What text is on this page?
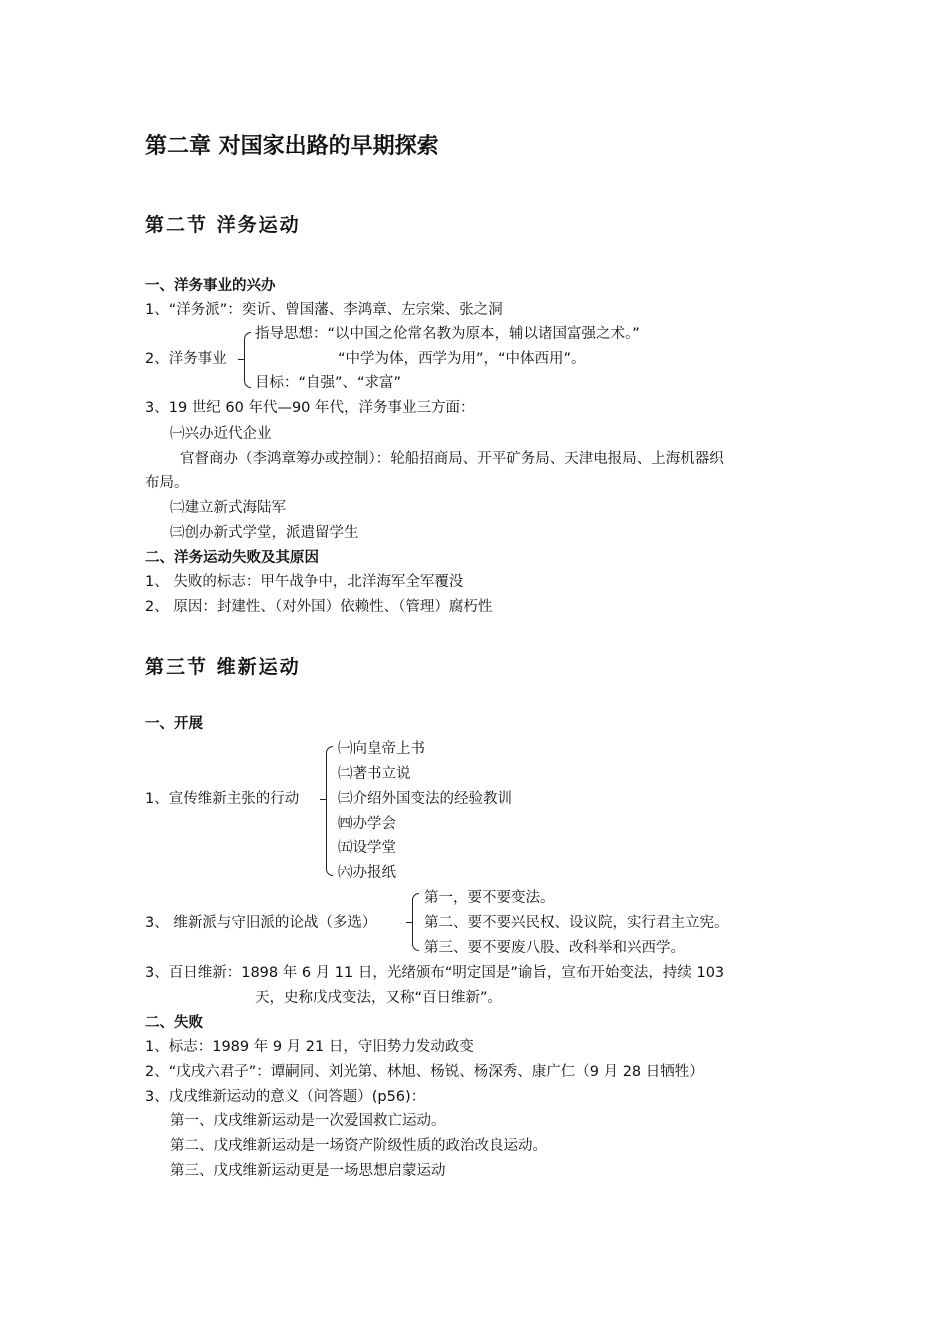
第二章 对国家出路的早期探索
第二节 洋务运动
一、洋务事业的兴办
1、“洋务派”：奕䜣、曾国藩、李鸿章、左宗棠、张之洞
2、洋务事业
指导思想：“以中国之伦常名教为原本，辅以诸国富强之术。”
“中学为体，西学为用”，“中体西用”。
目标：“自强”、“求富”
3、19 世纪 60 年代—90 年代，洋务事业三方面：
㈠兴办近代企业
官督商办（李鸿章筹办或控制）：轮船招商局、开平矿务局、天津电报局、上海机器织
布局。
㈡建立新式海陆军
㈢创办新式学堂，派遣留学生
二、洋务运动失败及其原因
1、 失败的标志：甲午战争中，北洋海军全军覆没
2、 原因：封建性、（对外国）依赖性、（管理）腐朽性
第三节 维新运动
一、开展
1、宣传维新主张的行动
㈠向皇帝上书
㈡著书立说
㈢介绍外国变法的经验教训
㈣办学会
㈤设学堂
㈥办报纸
3、 维新派与守旧派的论战（多选）
第一，要不要变法。
第二、要不要兴民权、设议院，实行君主立宪。
第三、要不要废八股、改科举和兴西学。
3、百日维新：1898 年 6 月 11 日，光绪颁布“明定国是”谕旨，宣布开始变法，持续 103
天，史称戊戌变法，又称“百日维新”。
二、失败
1、标志：1989 年 9 月 21 日，守旧势力发动政变
2、“戊戌六君子”：谭嗣同、刘光第、林旭、杨锐、杨深秀、康广仁（9 月 28 日牺牲）
3、戊戌维新运动的意义（问答题）(p56)：
第一、戊戌维新运动是一次爱国救亡运动。
第二、戊戌维新运动是一场资产阶级性质的政治改良运动。
第三、戊戌维新运动更是一场思想启蒙运动
